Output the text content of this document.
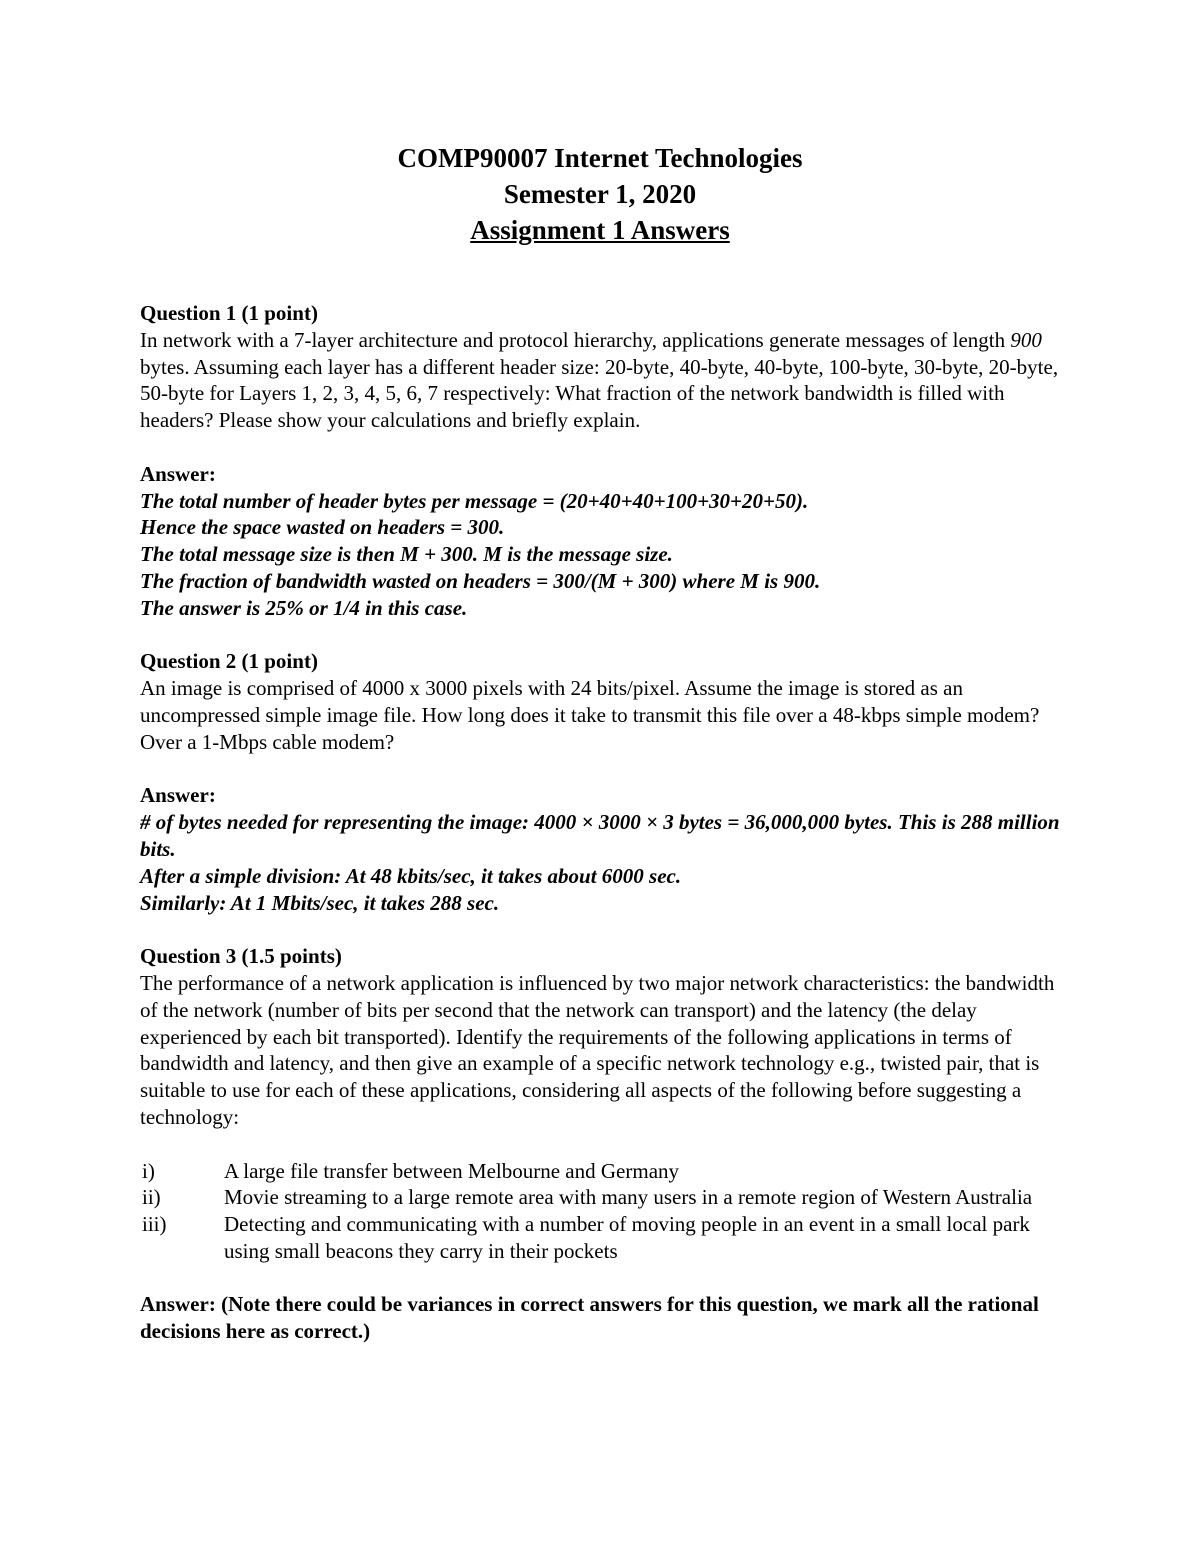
COMP90007 Internet Technologies
Semester 1, 2020
Assignment 1 Answers

Question 1 (1 point)

In network with a 7-layer architecture and protocol hierarchy, applications generate messages of length 900 bytes. Assuming each layer has a different header size: 20-byte, 40-byte, 40-byte, 100-byte, 30-byte, 20-byte, 50-byte for Layers 1, 2, 3, 4, 5, 6, 7 respectively: What fraction of the network bandwidth is filled with headers? Please show your calculations and briefly explain.

Answer:

The total number of header bytes per message = (20+40+40+100+30+20+50).

Hence the space wasted on headers = 300.

The total message size is then M + 300. M is the message size.

The fraction of bandwidth wasted on headers = 300/(M + 300) where M is 900.

The answer is 25% or 1/4 in this case.

Question 2 (1 point)

An image is comprised of 4000 x 3000 pixels with 24 bits/pixel. Assume the image is stored as an uncompressed simple image file. How long does it take to transmit this file over a 48-kbps simple modem? Over a 1-Mbps cable modem?

Answer:

# of bytes needed for representing the image: 4000 × 3000 × 3 bytes = 36,000,000 bytes. This is 288 million bits.

After a simple division: At 48 kbits/sec, it takes about 6000 sec.

Similarly: At 1 Mbits/sec, it takes 288 sec.

Question 3 (1.5 points)

The performance of a network application is influenced by two major network characteristics: the bandwidth of the network (number of bits per second that the network can transport) and the latency (the delay experienced by each bit transported). Identify the requirements of the following applications in terms of bandwidth and latency, and then give an example of a specific network technology e.g., twisted pair, that is suitable to use for each of these applications, considering all aspects of the following before suggesting a technology:

i)	A large file transfer between Melbourne and Germany
ii)	Movie streaming to a large remote area with many users in a remote region of Western Australia
iii)	Detecting and communicating with a number of moving people in an event in a small local park using small beacons they carry in their pockets

Answer: (Note there could be variances in correct answers for this question, we mark all the rational decisions here as correct.)
